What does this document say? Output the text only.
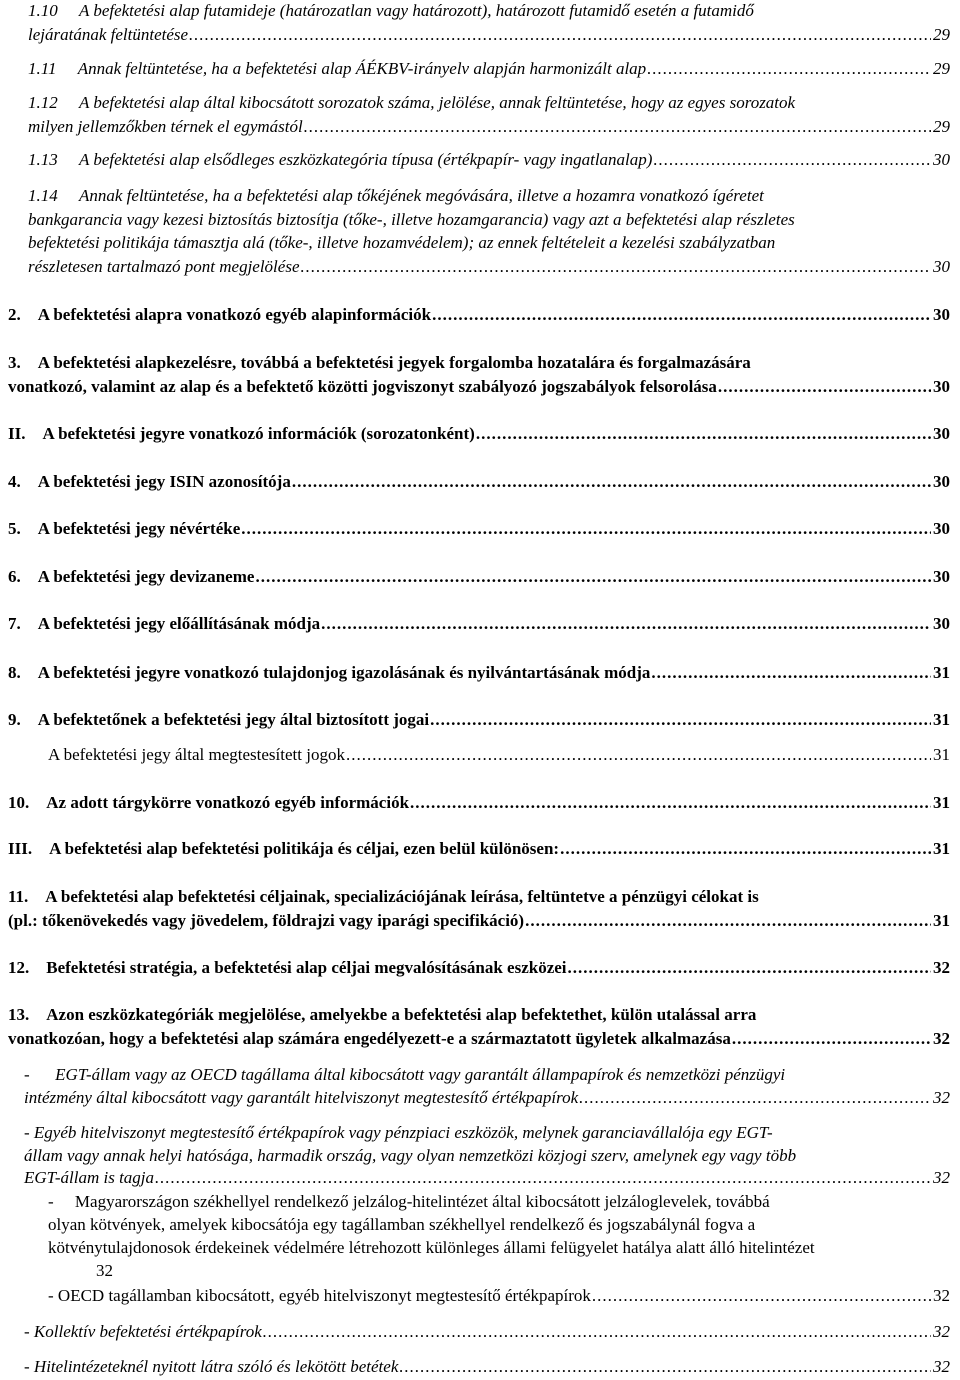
1.10     A befektetési alap futamideje (határozatlan vagy határozott), határozott futamidő esetén a futamidő
lejáratának feltüntetése .....	29
1.11     Annak feltüntetése, ha a befektetési alap ÁÉKBV-irányelv alapján harmonizált alap .....	29
1.12     A befektetési alap által kibocsátott sorozatok száma, jelölése, annak feltüntetése, hogy az egyes sorozatok
milyen jellemzőkben térnek el egymástól .....	29
1.13     A befektetési alap elsődleges eszközkategória típusa (értékpapír- vagy ingatlanalap) .....	30
1.14     Annak feltüntetése, ha a befektetési alap tőkéjének megóvására, illetve a hozamra vonatkozó ígéretet
bankgarancia vagy kezesi biztosítás biztosítja (tőke-, illetve hozamgarancia) vagy azt a befektetési alap részletes
befektetési politikája támasztja alá (tőke-, illetve hozamvédelem); az ennek feltételeit a kezelési szabályzatban
részletesen tartalmazó pont megjelölése .....	30
2.    A befektetési alapra vonatkozó egyéb alapinformációk .....	30
3.    A befektetési alapkezelésre, továbbá a befektetési jegyek forgalomba hozatalára és forgalmazására
vonatkozó, valamint az alap és a befektető közötti jogviszonyt szabályozó jogszabályok felsorolása .....	30
II.    A befektetési jegyre vonatkozó információk (sorozatonként) .....	30
4.    A befektetési jegy ISIN azonosítója .....	30
5.    A befektetési jegy névértéke .....	30
6.    A befektetési jegy devizaneme .....	30
7.    A befektetési jegy előállításának módja .....	30
8.    A befektetési jegyre vonatkozó tulajdonjog igazolásának és nyilvántartásának módja .....	31
9.    A befektetőnek a befektetési jegy által biztosított jogai .....	31
A befektetési jegy által megtestesített jogok .....	31
10.    Az adott tárgykörre vonatkozó egyéb információk .....	31
III.    A befektetési alap befektetési politikája és céljai, ezen belül különösen: .....	31
11.    A befektetési alap befektetési céljainak, specializációjának leírása, feltüntetve a pénzügyi célokat is
(pl.: tőkenövekedés vagy jövedelem, földrajzi vagy iparági specifikáció) .....	31
12.    Befektetési stratégia, a befektetési alap céljai megvalósításának eszközei .....	32
13.    Azon eszközkategóriák megjelölése, amelyekbe a befektetési alap befektethet, külön utalással arra
vonatkozóan, hogy a befektetési alap számára engedélyezett-e a származtatott ügyletek alkalmazása .....	32
-      EGT-állam vagy az OECD tagállama által kibocsátott vagy garantált állampapírok és nemzetközi pénzügyi
intézmény által kibocsátott vagy garantált hitelviszonyt megtestesítő értékpapírok .....	32
- Egyéb hitelviszonyt megtestesítő értékpapírok vagy pénzpiaci eszközök, melynek garanciavállalója egy EGT-
állam vagy annak helyi hatósága, harmadik ország, vagy olyan nemzetközi közjogi szerv, amelynek egy vagy több
EGT-állam is tagja .....	32
-     Magyarországon székhellyel rendelkező jelzálog-hitelintézet által kibocsátott jelzáloglevelek, továbbá
olyan kötvények, amelyek kibocsátója egy tagállamban székhellyel rendelkező és jogszabálynál fogva a
kötvénytulajdonosok érdekeinek védelmére létrehozott különleges állami felügyelet hatálya alatt álló hitelintézet
32
- OECD tagállamban kibocsátott, egyéb hitelviszonyt megtestesítő értékpapírok .....	32
- Kollektív befektetési értékpapírok .....	32
- Hitelintézeteknél nyitott látra szóló és lekötött betétek .....	32
